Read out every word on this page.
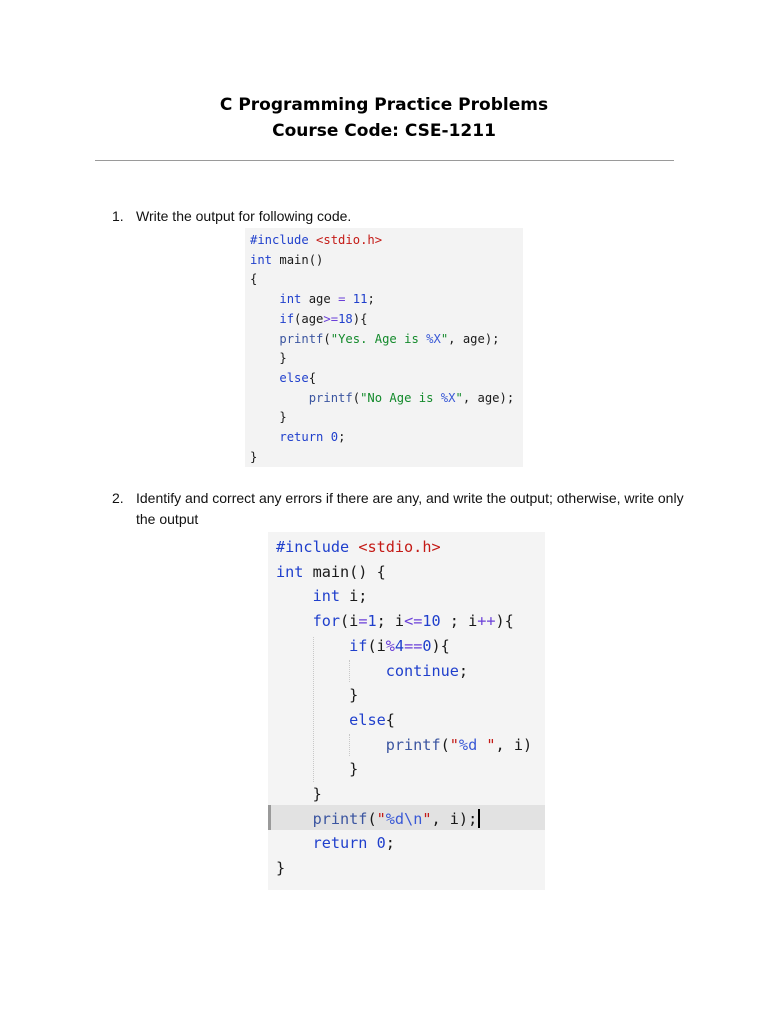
C Programming Practice Problems
Course Code: CSE-1211
1. Write the output for following code.
#include <stdio.h>
int main()
{
int age = 11;
if(age>=18){
printf("Yes. Age is %X", age);
}
else{
printf("No Age is %X", age);
}
return 0;
}
2. Identify and correct any errors if there are any, and write the output; otherwise, write only the output
#include <stdio.h>
int main() {
int i;
for(i=1; i<=10 ; i++){
if(i%4==0){
continue;
}
else{
printf("%d ", i)
}
}
printf("%d\n", i);
return 0;
}
